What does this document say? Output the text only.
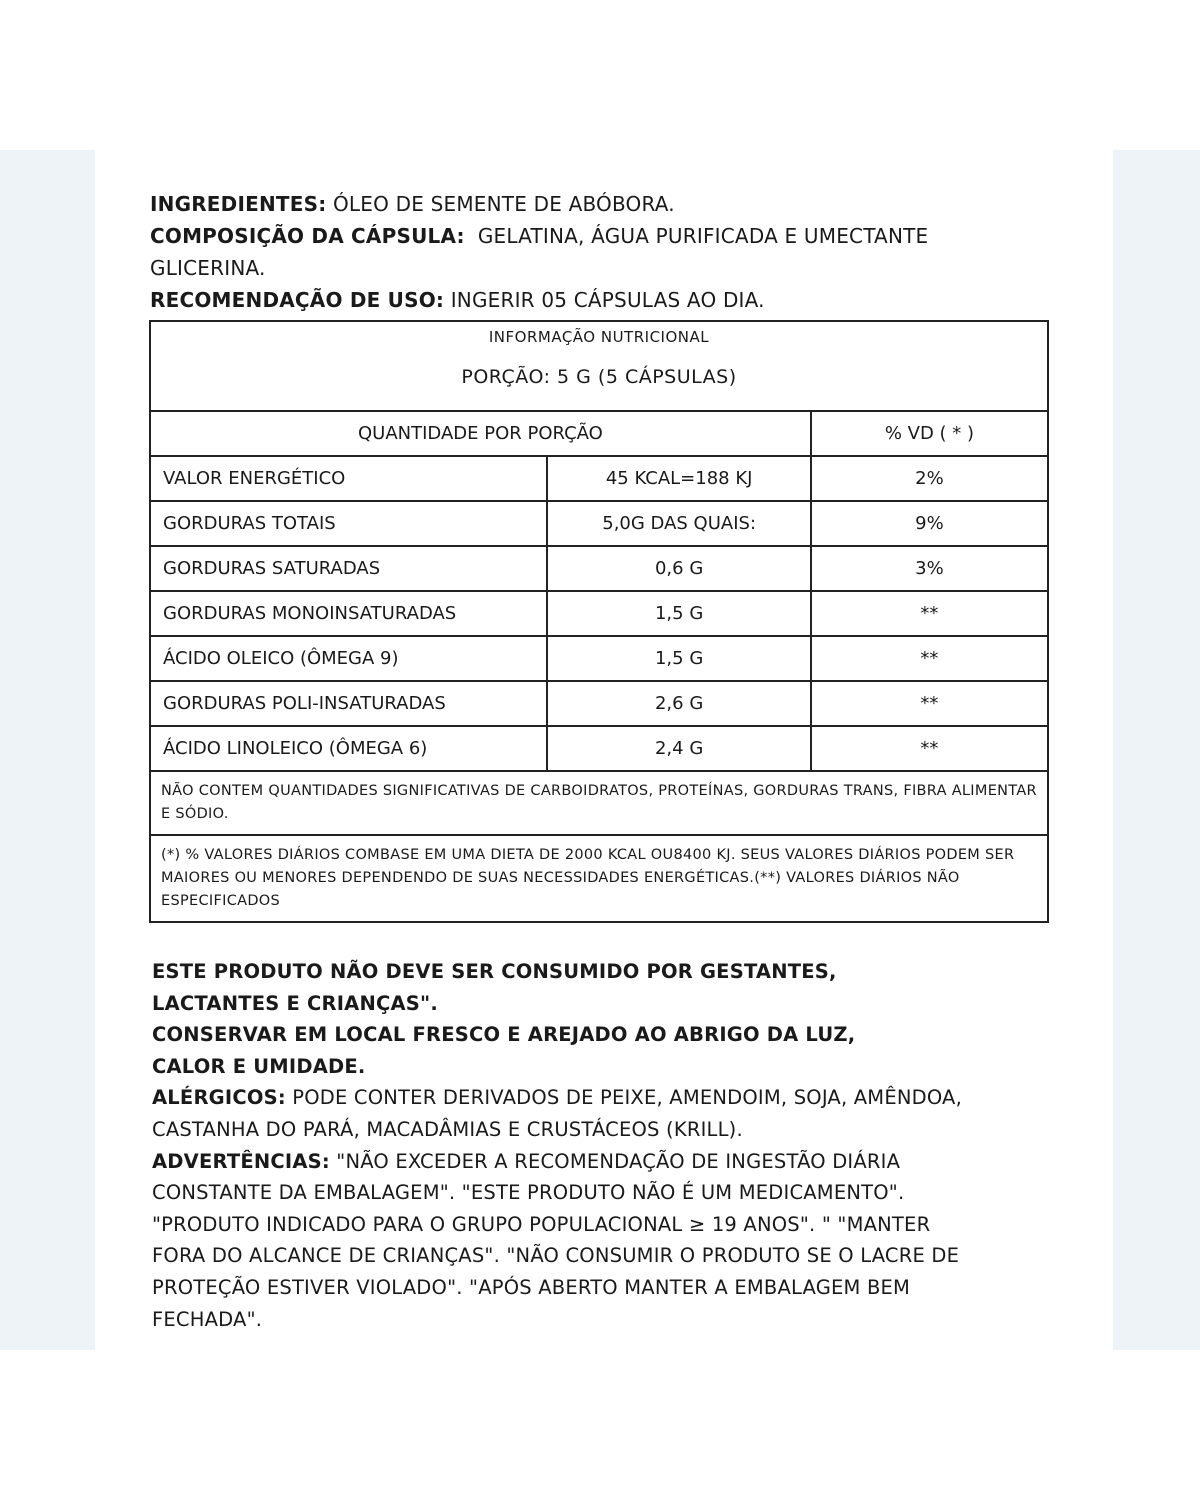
INGREDIENTES: ÓLEO DE SEMENTE DE ABÓBORA.
COMPOSIÇÃO DA CÁPSULA: GELATINA, ÁGUA PURIFICADA E UMECTANTE
GLICERINA.
RECOMENDAÇÃO DE USO: INGERIR 05 CÁPSULAS AO DIA.
INFORMAÇÃO NUTRICIONAL
PORÇÃO: 5 G (5 CÁPSULAS)		

QUANTIDADE POR PORÇÃO		% VD ( * )
VALOR ENERGÉTICO	45 KCAL=188 KJ	2%
GORDURAS TOTAIS	5,0G DAS QUAIS:	9%
GORDURAS SATURADAS	0,6 G	3%
GORDURAS MONOINSATURADAS	1,5 G	**
ÁCIDO OLEICO (ÔMEGA 9)	1,5 G	**
GORDURAS POLI-INSATURADAS	2,6 G	**
ÁCIDO LINOLEICO (ÔMEGA 6)	2,4 G	**
NÃO CONTEM QUANTIDADES SIGNIFICATIVAS DE CARBOIDRATOS, PROTEÍNAS, GORDURAS TRANS, FIBRA ALIMENTAR E SÓDIO.		
(*) % VALORES DIÁRIOS COMBASE EM UMA DIETA DE 2000 KCAL OU8400 KJ. SEUS VALORES DIÁRIOS PODEM SER MAIORES OU MENORES DEPENDENDO DE SUAS NECESSIDADES ENERGÉTICAS.(**) VALORES DIÁRIOS NÃO ESPECIFICADOS		
ESTE PRODUTO NÃO DEVE SER CONSUMIDO POR GESTANTES,
LACTANTES E CRIANÇAS".
CONSERVAR EM LOCAL FRESCO E AREJADO AO ABRIGO DA LUZ,
CALOR E UMIDADE.
ALÉRGICOS: PODE CONTER DERIVADOS DE PEIXE, AMENDOIM, SOJA, AMÊNDOA,
CASTANHA DO PARÁ, MACADÂMIAS E CRUSTÁCEOS (KRILL).
ADVERTÊNCIAS: "NÃO EXCEDER A RECOMENDAÇÃO DE INGESTÃO DIÁRIA
CONSTANTE DA EMBALAGEM". "ESTE PRODUTO NÃO É UM MEDICAMENTO".
"PRODUTO INDICADO PARA O GRUPO POPULACIONAL ≥ 19 ANOS". " "MANTER
FORA DO ALCANCE DE CRIANÇAS". "NÃO CONSUMIR O PRODUTO SE O LACRE DE
PROTEÇÃO ESTIVER VIOLADO". "APÓS ABERTO MANTER A EMBALAGEM BEM
FECHADA".
